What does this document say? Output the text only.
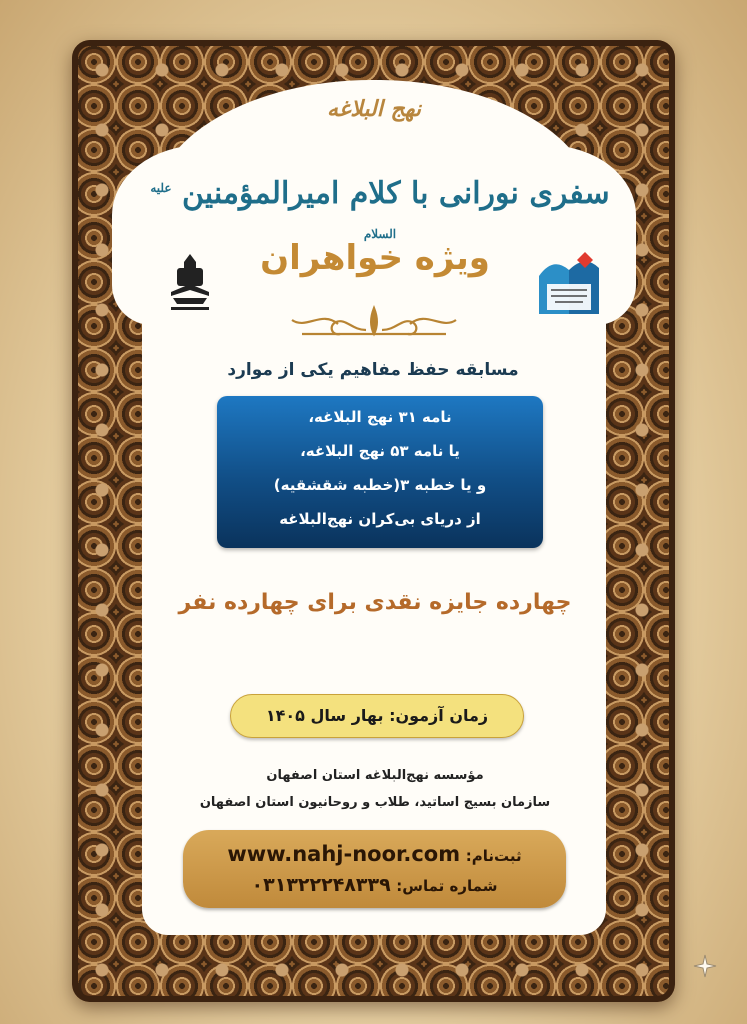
نهج البلاغه
سفری نورانی با کلام امیرالمؤمنین $^{علیه السلام}$
ویژه خواهران
مسابقه حفظ مفاهیم یکی از موارد
نامه ۳۱ نهج البلاغه،
یا نامه ۵۳ نهج البلاغه،
و یا خطبه ۳(خطبه شقشقیه)
از دریای بی‌کران نهج‌البلاغه
چهارده جایزه نقدی برای چهارده نفر
زمان آزمون: بهار سال ۱۴۰۵
مؤسسه نهج‌البلاغه استان اصفهان
سازمان بسیج اساتید، طلاب و روحانیون استان اصفهان
ثبت‌نام: www.nahj-noor.com
شماره تماس: ۰۳۱۳۲۲۲۴۸۳۳۹
